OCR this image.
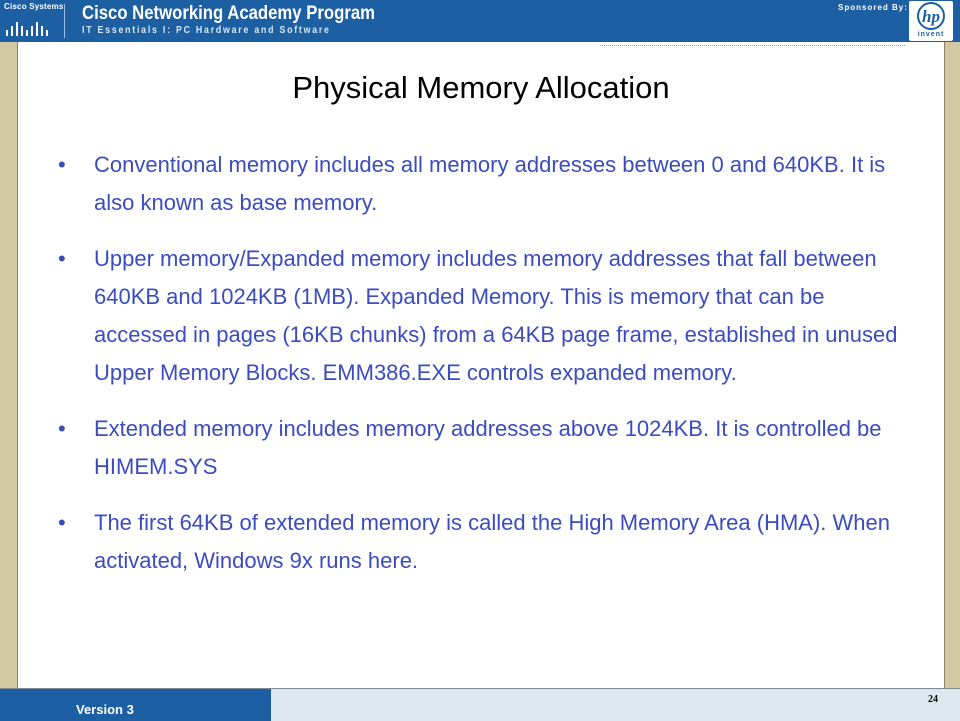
Cisco Systems Cisco Networking Academy Program
IT Essentials I: PC Hardware and Software
Sponsored By: hp
invent
Physical Memory Allocation
• Conventional memory includes all memory addresses between 0 and 640KB. It is also known as base memory.
• Upper memory/Expanded memory includes memory addresses that fall between 640KB and 1024KB (1MB). Expanded Memory. This is memory that can be accessed in pages (16KB chunks) from a 64KB page frame, established in unused Upper Memory Blocks. EMM386.EXE controls expanded memory.
• Extended memory includes memory addresses above 1024KB. It is controlled be HIMEM.SYS
• The first 64KB of extended memory is called the High Memory Area (HMA). When activated, Windows 9x runs here.
Version 3
24
